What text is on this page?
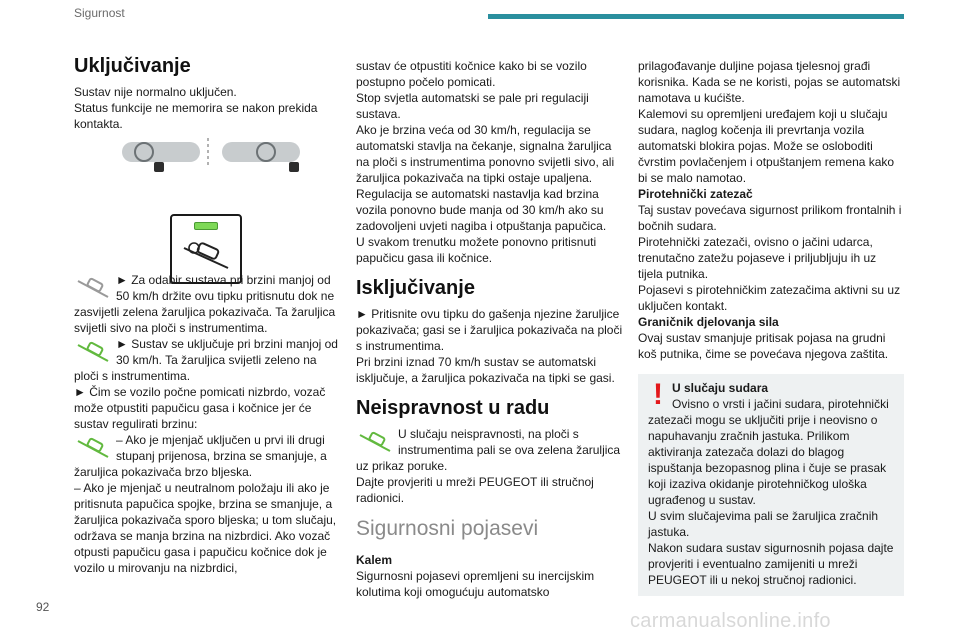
Sigurnost
Uključivanje

Sustav nije normalno uključen.

Status funkcije ne memorira se nakon prekida kontakta.

► Za odabir sustava pri brzini manjoj od 50 km/h držite ovu tipku pritisnutu dok ne zasvijetli zelena žaruljica pokazivača. Ta žaruljica svijetli sivo na ploči s instrumentima.

► Sustav se uključuje pri brzini manjoj od 30 km/h. Ta žaruljica svijetli zeleno na ploči s instrumentima.

► Čim se vozilo počne pomicati nizbrdo, vozač može otpustiti papučicu gasa i kočnice jer će sustav regulirati brzinu:

– Ako je mjenjač uključen u prvi ili drugi stupanj prijenosa, brzina se smanjuje, a žaruljica pokazivača brzo bljeska.

– Ako je mjenjač u neutralnom položaju ili ako je pritisnuta papučica spojke, brzina se smanjuje, a žaruljica pokazivača sporo bljeska; u tom slučaju, održava se manja brzina na nizbrdici. Ako vozač otpusti papučicu gasa i papučicu kočnice dok je vozilo u mirovanju na nizbrdici,

sustav će otpustiti kočnice kako bi se vozilo postupno počelo pomicati.

Stop svjetla automatski se pale pri regulaciji sustava.

Ako je brzina veća od 30 km/h, regulacija se automatski stavlja na čekanje, signalna žaruljica na ploči s instrumentima ponovno svijetli sivo, ali žaruljica pokazivača na tipki ostaje upaljena.

Regulacija se automatski nastavlja kad brzina vozila ponovno bude manja od 30 km/h ako su zadovoljeni uvjeti nagiba i otpuštanja papučica.

U svakom trenutku možete ponovno pritisnuti papučicu gasa ili kočnice.

Isključivanje

► Pritisnite ovu tipku do gašenja njezine žaruljice pokazivača; gasi se i žaruljica pokazivača na ploči s instrumentima.

Pri brzini iznad 70 km/h sustav se automatski isključuje, a žaruljica pokazivača na tipki se gasi.

Neispravnost u radu

U slučaju neispravnosti, na ploči s instrumentima pali se ova zelena žaruljica uz prikaz poruke.

Dajte provjeriti u mreži PEUGEOT ili stručnoj radionici.

Sigurnosni pojasevi

Kalem

Sigurnosni pojasevi opremljeni su inercijskim kolutima koji omogućuju automatsko

prilagođavanje duljine pojasa tjelesnoj građi korisnika. Kada se ne koristi, pojas se automatski namotava u kućište.

Kalemovi su opremljeni uređajem koji u slučaju sudara, naglog kočenja ili prevrtanja vozila automatski blokira pojas. Može se osloboditi čvrstim povlačenjem i otpuštanjem remena kako bi se malo namotao.

Pirotehnički zatezač

Taj sustav povećava sigurnost prilikom frontalnih i bočnih sudara.

Pirotehnički zatezači, ovisno o jačini udarca, trenutačno zatežu pojaseve i priljubljuju ih uz tijela putnika.

Pojasevi s pirotehničkim zatezačima aktivni su uz uključen kontakt.

Graničnik djelovanja sila

Ovaj sustav smanjuje pritisak pojasa na grudni koš putnika, čime se povećava njegova zaštita.

! U slučaju sudara

Ovisno o vrsti i jačini sudara, pirotehnički zatezači mogu se uključiti prije i neovisno o napuhavanju zračnih jastuka. Prilikom aktiviranja zatezača dolazi do blagog ispuštanja bezopasnog plina i čuje se prasak koji izaziva okidanje pirotehničkog uloška ugrađenog u sustav.

U svim slučajevima pali se žaruljica zračnih jastuka.

Nakon sudara sustav sigurnosnih pojasa dajte provjeriti i eventualno zamijeniti u mreži PEUGEOT ili u nekoj stručnoj radionici.

92
carmanualsonline.info
